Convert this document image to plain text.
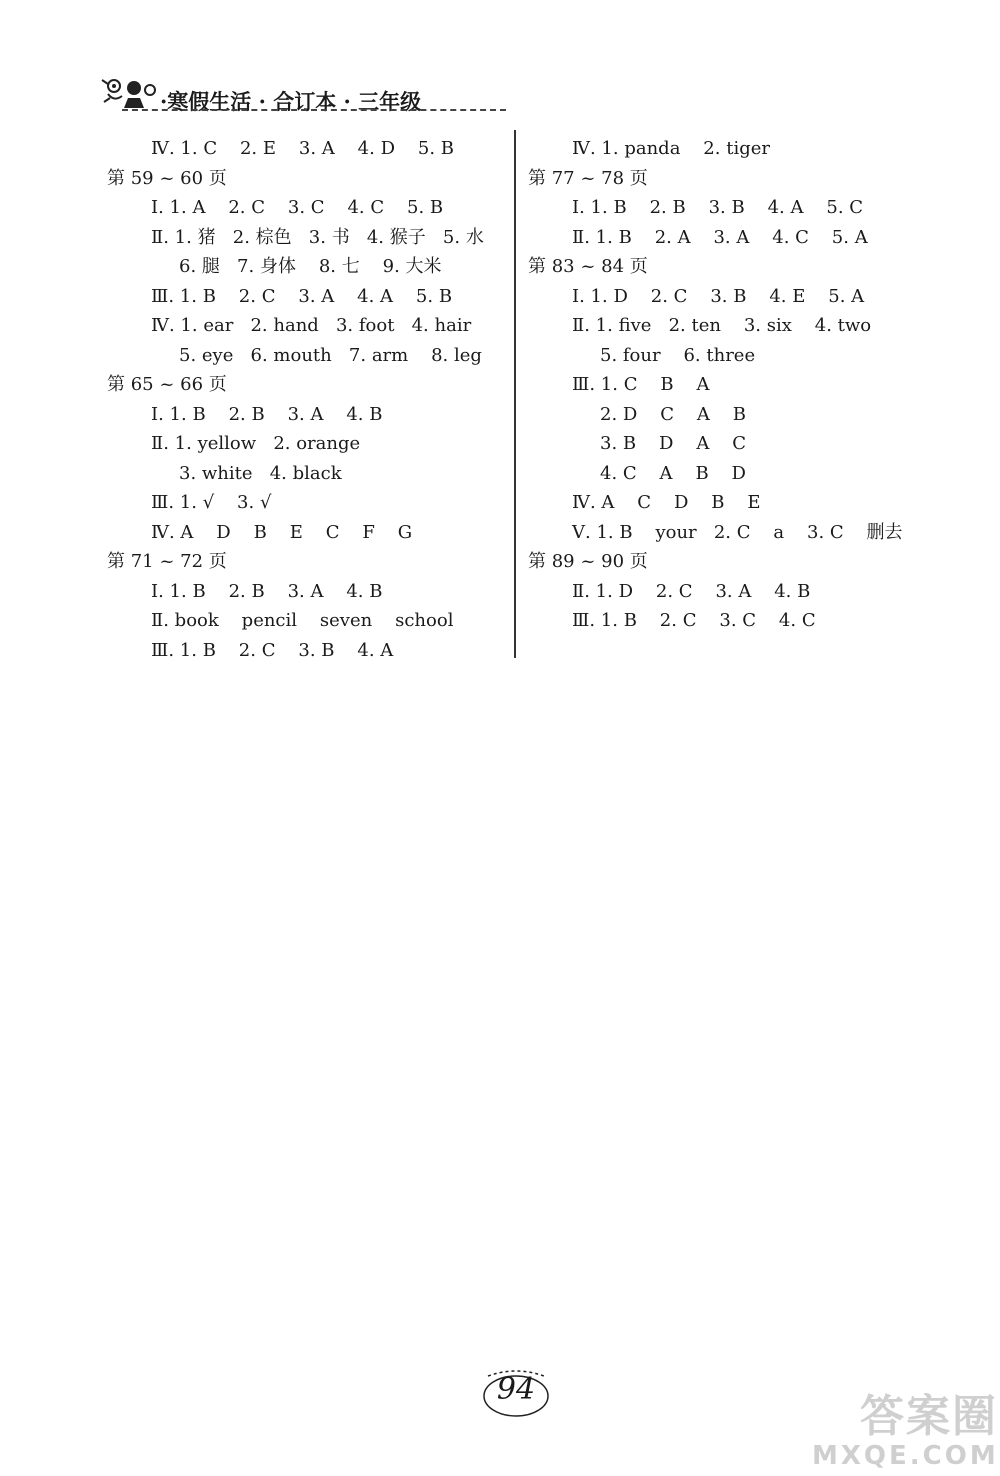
·寒假生活 · 合订本 · 三年级
Ⅳ. 1. C    2. E    3. A    4. D    5. B
第 59 ~ 60 页
Ⅰ. 1. A    2. C    3. C    4. C    5. B
Ⅱ. 1. 猪   2. 棕色   3. 书   4. 猴子   5. 水
6. 腿   7. 身体    8. 七    9. 大米
Ⅲ. 1. B    2. C    3. A    4. A    5. B
Ⅳ. 1. ear   2. hand   3. foot   4. hair
5. eye   6. mouth   7. arm    8. leg
第 65 ~ 66 页
Ⅰ. 1. B    2. B    3. A    4. B
Ⅱ. 1. yellow   2. orange
3. white   4. black
Ⅲ. 1. √    3. √
Ⅳ. A    D    B    E    C    F    G
第 71 ~ 72 页
Ⅰ. 1. B    2. B    3. A    4. B
Ⅱ. book    pencil    seven    school
Ⅲ. 1. B    2. C    3. B    4. A
Ⅳ. 1. panda    2. tiger
第 77 ~ 78 页
Ⅰ. 1. B    2. B    3. B    4. A    5. C
Ⅱ. 1. B    2. A    3. A    4. C    5. A
第 83 ~ 84 页
Ⅰ. 1. D    2. C    3. B    4. E    5. A
Ⅱ. 1. five   2. ten    3. six    4. two
5. four    6. three
Ⅲ. 1. C    B    A
2. D    C    A    B
3. B    D    A    C
4. C    A    B    D
Ⅳ. A    C    D    B    E
Ⅴ. 1. B    your   2. C    a    3. C    删去
第 89 ~ 90 页
Ⅱ. 1. D    2. C    3. A    4. B
Ⅲ. 1. B    2. C    3. C    4. C
94
答案圈
MXQE.COM
